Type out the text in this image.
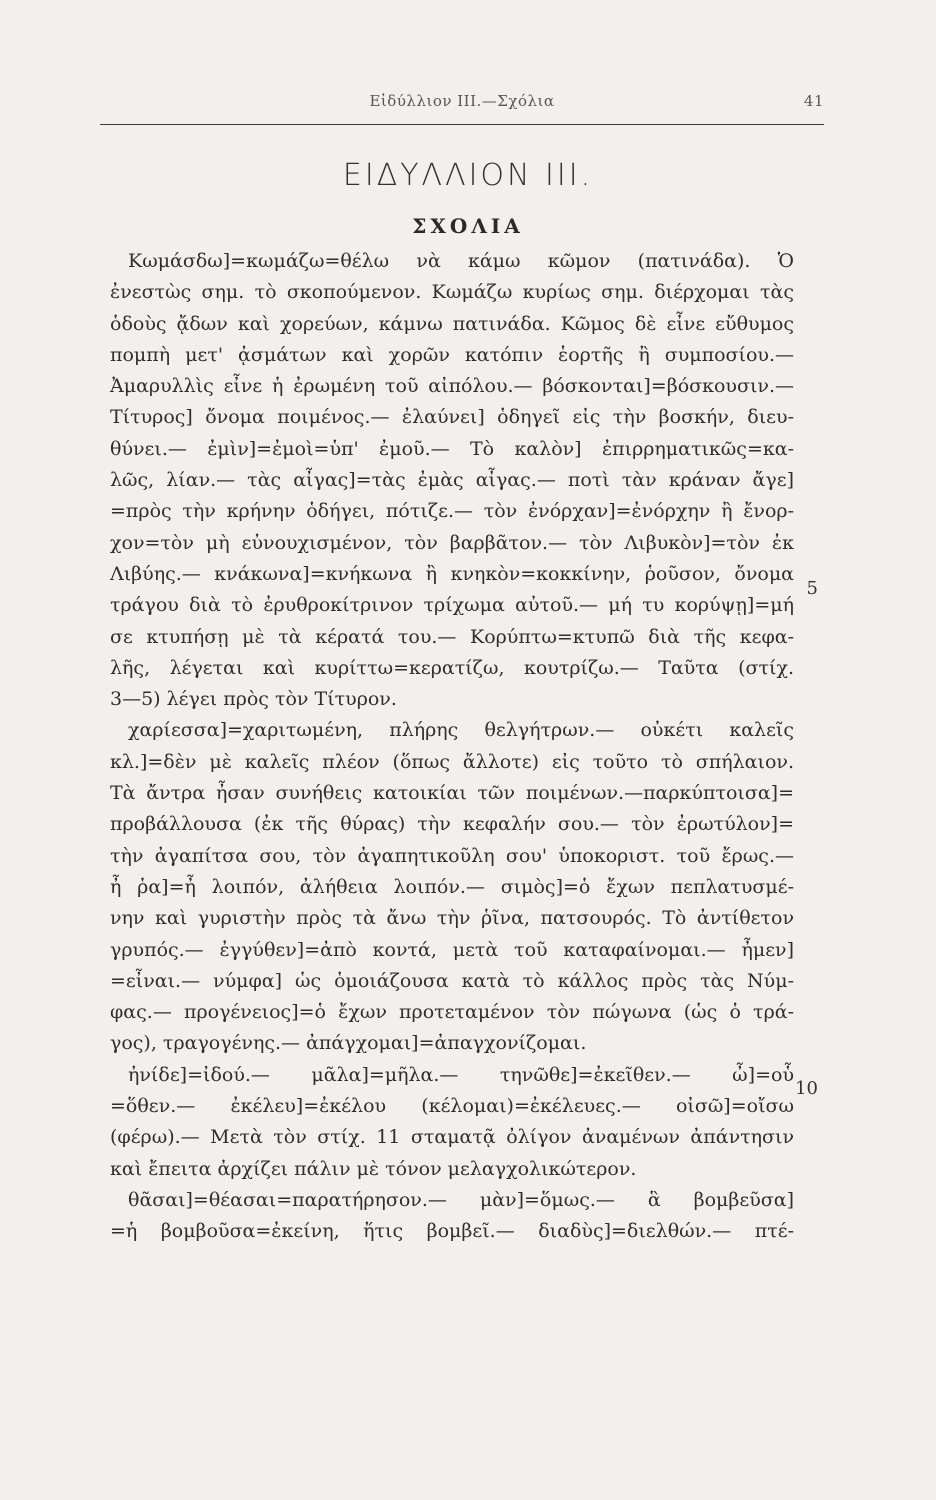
Εἰδύλλιον ΙΙΙ.—Σχόλια	41
ΕΙΔΥΛΛΙΟΝ ΙΙΙ.
ΣΧΟΛΙΑ
Κωμάσδω]=κωμάζω=θέλω νὰ κάμω κῶμον (πατινάδα). Ὁ
ἐνεστὼς σημ. τὸ σκοπούμενον. Κωμάζω κυρίως σημ. διέρχομαι τὰς
ὁδοὺς ᾄδων καὶ χορεύων, κάμνω πατινάδα. Κῶμος δὲ εἶνε εὔθυμος
πομπὴ μετ' ᾀσμάτων καὶ χορῶν κατόπιν ἑορτῆς ἢ συμποσίου.—
Ἀμαρυλλὶς εἶνε ἡ ἐρωμένη τοῦ αἰπόλου.— βόσκονται]=βόσκουσιν.—
Τίτυρος] ὄνομα ποιμένος.— ἐλαύνει] ὁδηγεῖ εἰς τὴν βοσκήν, διευ-
θύνει.— ἐμὶν]=ἐμοὶ=ὑπ' ἐμοῦ.— Τὸ καλὸν] ἐπιρρηματικῶς=κα-
λῶς, λίαν.— τὰς αἶγας]=τὰς ἐμὰς αἶγας.— ποτὶ τὰν κράναν ἄγε]
=πρὸς τὴν κρήνην ὁδήγει, πότιζε.— τὸν ἐνόρχαν]=ἐνόρχην ἢ ἔνορ-
χον=τὸν μὴ εὐνουχισμένον, τὸν βαρβᾶτον.— τὸν Λιβυκὸν]=τὸν ἐκ
Λιβύης.— κνάκωνα]=κνήκωνα ἢ κνηκὸν=κοκκίνην, ῥοῦσον, ὄνομα
τράγου διὰ τὸ ἐρυθροκίτρινον τρίχωμα αὐτοῦ.— μή τυ κορύψῃ]=μή
σε κτυπήσῃ μὲ τὰ κέρατά του.— Κορύπτω=κτυπῶ διὰ τῆς κεφα-
λῆς, λέγεται καὶ κυρίττω=κερατίζω, κουτρίζω.— Ταῦτα (στίχ.
3—5) λέγει πρὸς τὸν Τίτυρον.
χαρίεσσα]=χαριτωμένη, πλήρης θελγήτρων.— οὐκέτι καλεῖς
κλ.]=δὲν μὲ καλεῖς πλέον (ὅπως ἄλλοτε) εἰς τοῦτο τὸ σπήλαιον.
Τὰ ἄντρα ἦσαν συνήθεις κατοικίαι τῶν ποιμένων.—παρκύπτοισα]=
προβάλλουσα (ἐκ τῆς θύρας) τὴν κεφαλήν σου.— τὸν ἐρωτύλον]=
τὴν ἀγαπίτσα σου, τὸν ἀγαπητικοῦλη σου' ὑποκοριστ. τοῦ ἔρως.—
ἦ ῥα]=ἦ λοιπόν, ἀλήθεια λοιπόν.— σιμὸς]=ὁ ἔχων πεπλατυσμέ-
νην καὶ γυριστὴν πρὸς τὰ ἄνω τὴν ῥῖνα, πατσουρός. Τὸ ἀντίθετον
γρυπός.— ἐγγύθεν]=ἀπὸ κοντά, μετὰ τοῦ καταφαίνομαι.— ἦμεν]
=εἶναι.— νύμφα] ὡς ὁμοιάζουσα κατὰ τὸ κάλλος πρὸς τὰς Νύμ-
φας.— προγένειος]=ὁ ἔχων προτεταμένον τὸν πώγωνα (ὡς ὁ τρά-
γος), τραγογένης.— ἀπάγχομαι]=ἀπαγχονίζομαι.
ἠνίδε]=ἰδού.— μᾶλα]=μῆλα.— τηνῶθε]=ἐκεῖθεν.— ὦ]=οὗ
=ὅθεν.— ἐκέλευ]=ἐκέλου (κέλομαι)=ἐκέλευες.— οἰσῶ]=οἴσω
(φέρω).— Μετὰ τὸν στίχ. 11 σταματᾷ ὀλίγον ἀναμένων ἀπάντησιν
καὶ ἔπειτα ἀρχίζει πάλιν μὲ τόνον μελαγχολικώτερον.
θᾶσαι]=θέασαι=παρατήρησον.— μὰν]=ὅμως.— ἃ βομβεῦσα]
=ἡ βομβοῦσα=ἐκείνη, ἥτις βομβεῖ.— διαδὺς]=διελθών.— πτέ-
5
10
